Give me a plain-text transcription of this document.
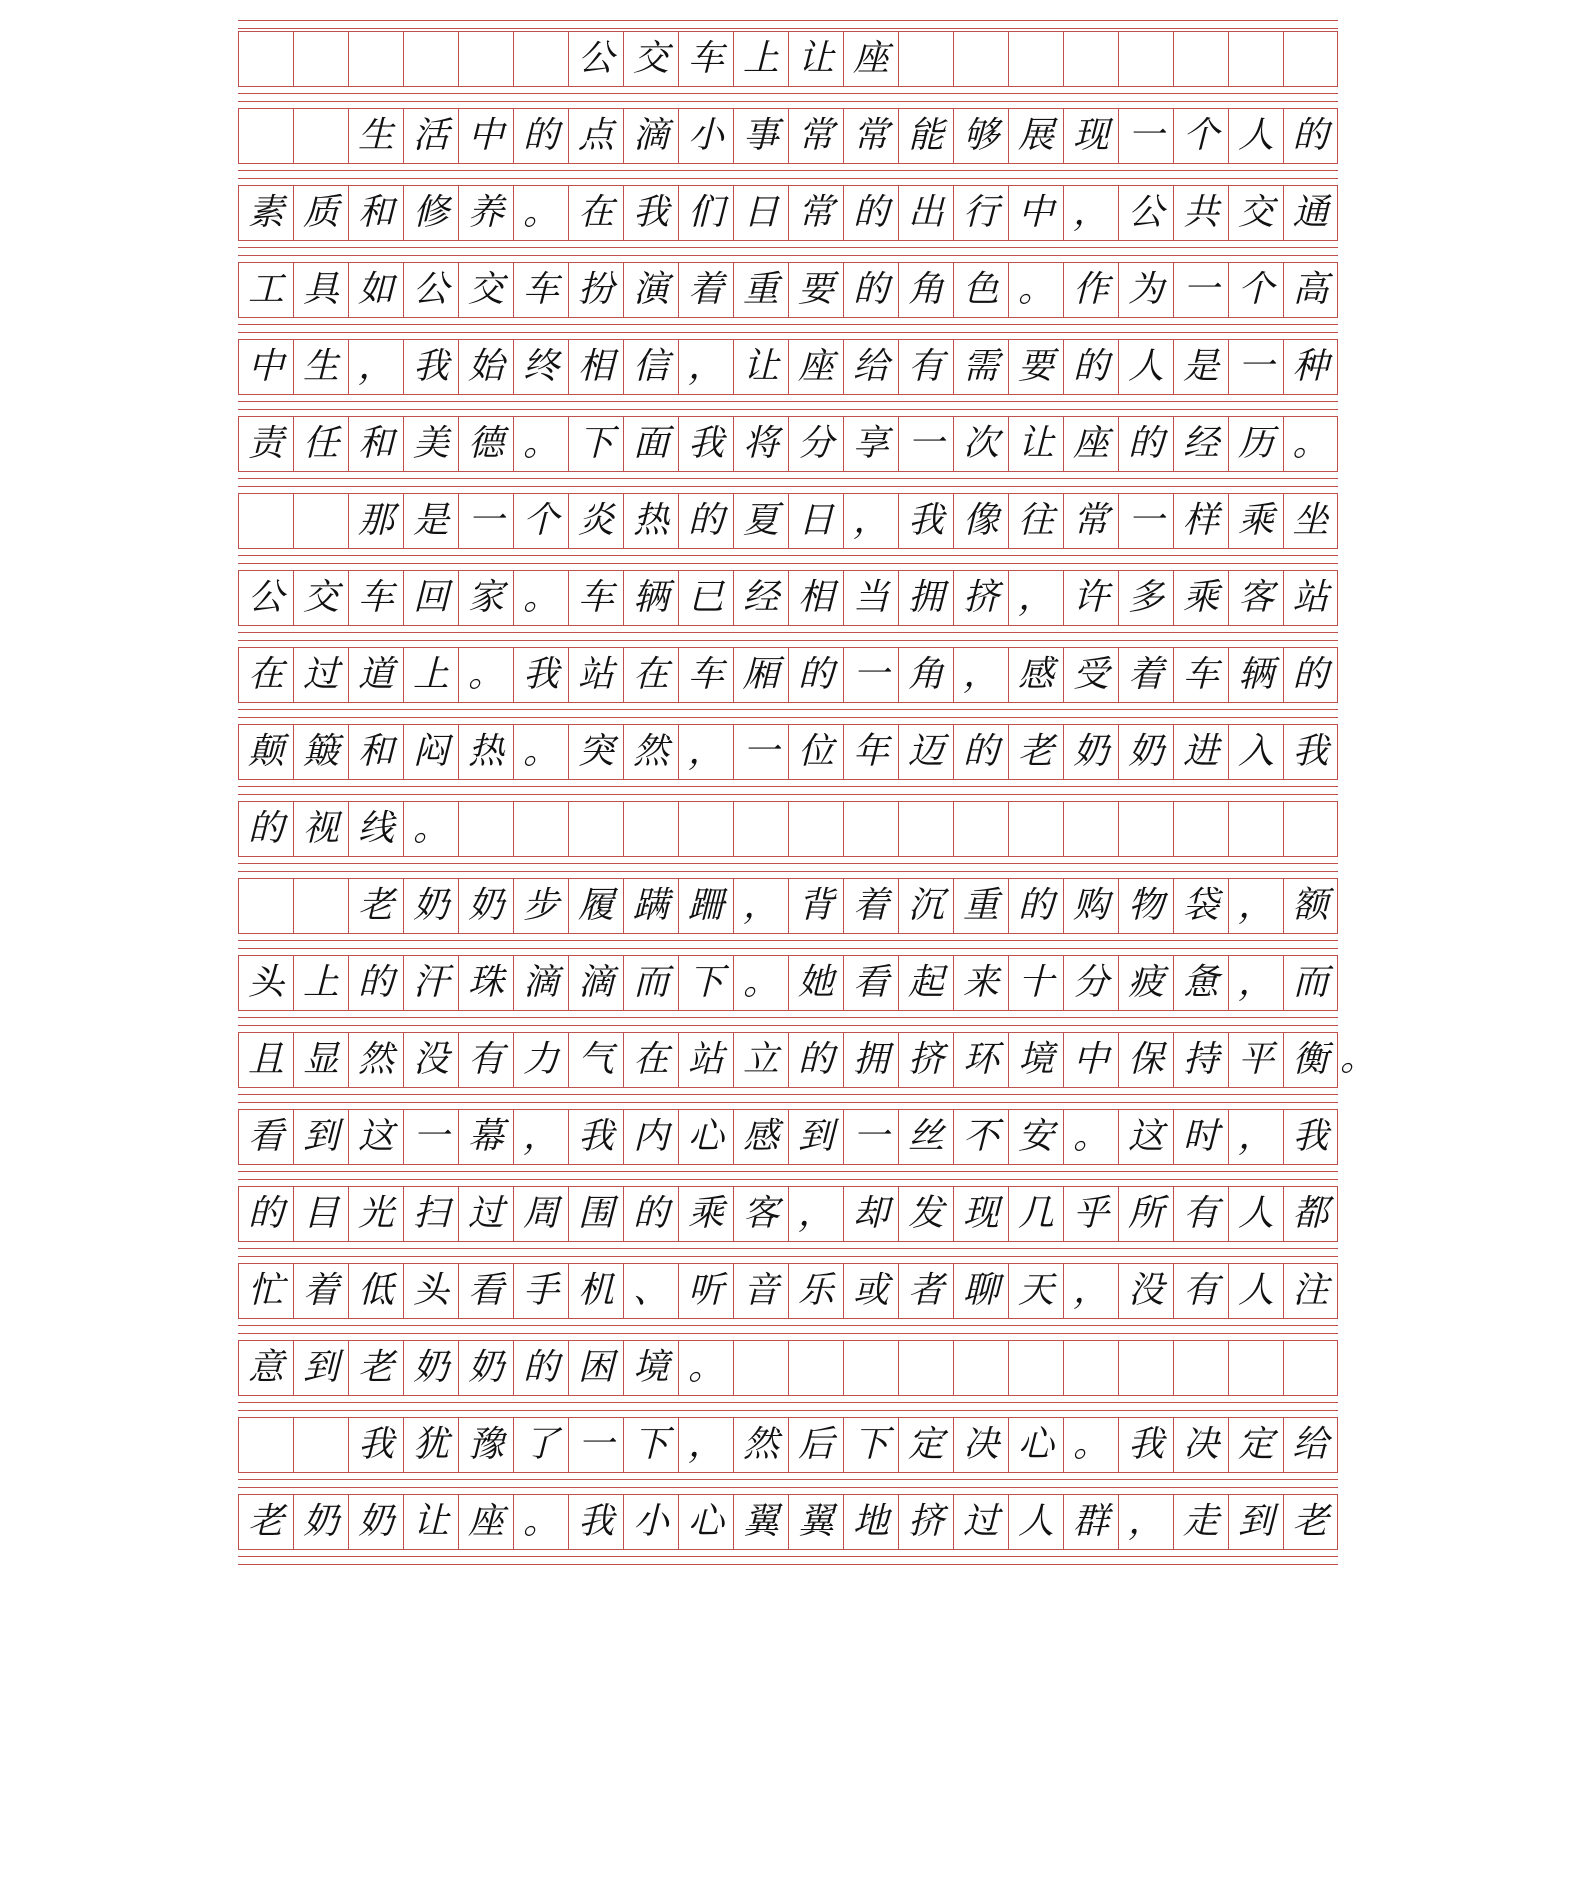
公 交 车 上 让 座
生 活 中 的 点 滴 小 事 常 常 能 够 展 现 一 个 人 的
素 质 和 修 养 。 在 我 们 日 常 的 出 行 中 ， 公 共 交 通
工 具 如 公 交 车 扮 演 着 重 要 的 角 色 。 作 为 一 个 高
中 生 ， 我 始 终 相 信 ， 让 座 给 有 需 要 的 人 是 一 种
责 任 和 美 德 。 下 面 我 将 分 享 一 次 让 座 的 经 历 。
那 是 一 个 炎 热 的 夏 日 ， 我 像 往 常 一 样 乘 坐
公 交 车 回 家 。 车 辆 已 经 相 当 拥 挤 ， 许 多 乘 客 站
在 过 道 上 。 我 站 在 车 厢 的 一 角 ， 感 受 着 车 辆 的
颠 簸 和 闷 热 。 突 然 ， 一 位 年 迈 的 老 奶 奶 进 入 我
的 视 线 。
老 奶 奶 步 履 蹒 跚 ， 背 着 沉 重 的 购 物 袋 ， 额
头 上 的 汗 珠 滴 滴 而 下 。 她 看 起 来 十 分 疲 惫 ， 而
且 显 然 没 有 力 气 在 站 立 的 拥 挤 环 境 中 保 持 平 衡 。
看 到 这 一 幕 ， 我 内 心 感 到 一 丝 不 安 。 这 时 ， 我
的 目 光 扫 过 周 围 的 乘 客 ， 却 发 现 几 乎 所 有 人 都
忙 着 低 头 看 手 机 、 听 音 乐 或 者 聊 天 ， 没 有 人 注
意 到 老 奶 奶 的 困 境 。
我 犹 豫 了 一 下 ， 然 后 下 定 决 心 。 我 决 定 给
老 奶 奶 让 座 。 我 小 心 翼 翼 地 挤 过 人 群 ， 走 到 老
